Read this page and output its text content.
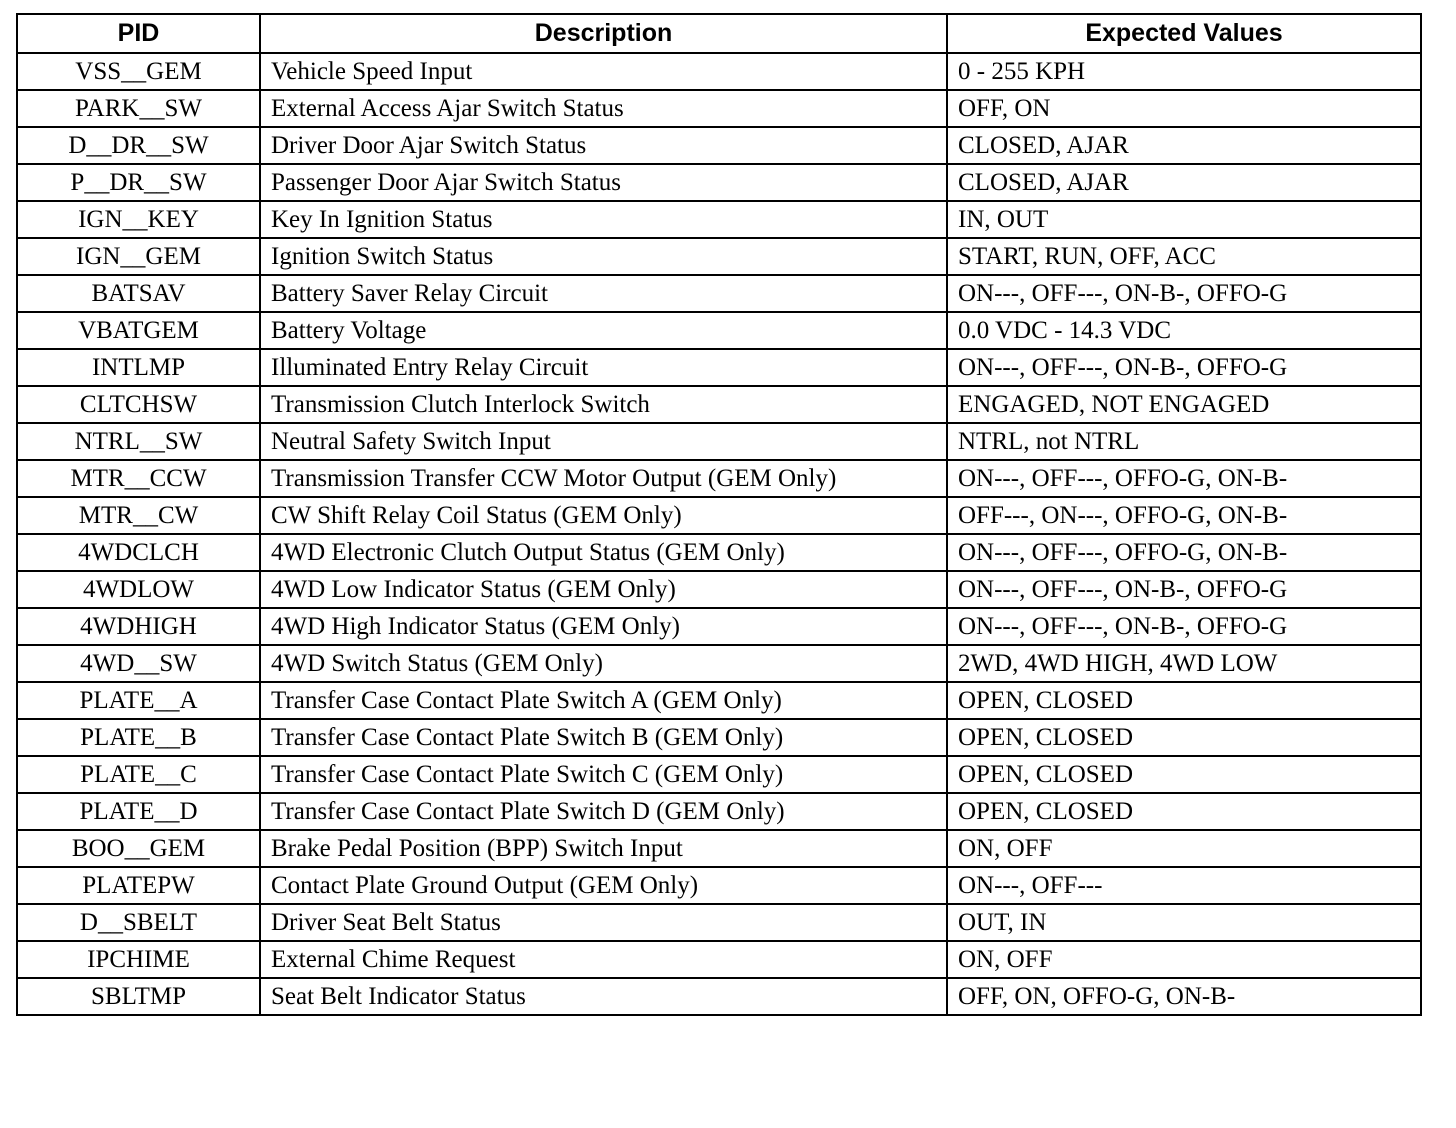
PID	Description	Expected Values
VSS__GEM	Vehicle Speed Input	0 - 255 KPH
PARK__SW	External Access Ajar Switch Status	OFF, ON
D__DR__SW	Driver Door Ajar Switch Status	CLOSED, AJAR
P__DR__SW	Passenger Door Ajar Switch Status	CLOSED, AJAR
IGN__KEY	Key In Ignition Status	IN, OUT
IGN__GEM	Ignition Switch Status	START, RUN, OFF, ACC
BATSAV	Battery Saver Relay Circuit	ON---, OFF---, ON-B-, OFFO-G
VBATGEM	Battery Voltage	0.0 VDC - 14.3 VDC
INTLMP	Illuminated Entry Relay Circuit	ON---, OFF---, ON-B-, OFFO-G
CLTCHSW	Transmission Clutch Interlock Switch	ENGAGED, NOT ENGAGED
NTRL__SW	Neutral Safety Switch Input	NTRL, not NTRL
MTR__CCW	Transmission Transfer CCW Motor Output (GEM Only)	ON---, OFF---, OFFO-G, ON-B-
MTR__CW	CW Shift Relay Coil Status (GEM Only)	OFF---, ON---, OFFO-G, ON-B-
4WDCLCH	4WD Electronic Clutch Output Status (GEM Only)	ON---, OFF---, OFFO-G, ON-B-
4WDLOW	4WD Low Indicator Status (GEM Only)	ON---, OFF---, ON-B-, OFFO-G
4WDHIGH	4WD High Indicator Status (GEM Only)	ON---, OFF---, ON-B-, OFFO-G
4WD__SW	4WD Switch Status (GEM Only)	2WD, 4WD HIGH, 4WD LOW
PLATE__A	Transfer Case Contact Plate Switch A (GEM Only)	OPEN, CLOSED
PLATE__B	Transfer Case Contact Plate Switch B (GEM Only)	OPEN, CLOSED
PLATE__C	Transfer Case Contact Plate Switch C (GEM Only)	OPEN, CLOSED
PLATE__D	Transfer Case Contact Plate Switch D (GEM Only)	OPEN, CLOSED
BOO__GEM	Brake Pedal Position (BPP) Switch Input	ON, OFF
PLATEPW	Contact Plate Ground Output (GEM Only)	ON---, OFF---
D__SBELT	Driver Seat Belt Status	OUT, IN
IPCHIME	External Chime Request	ON, OFF
SBLTMP	Seat Belt Indicator Status	OFF, ON, OFFO-G, ON-B-
